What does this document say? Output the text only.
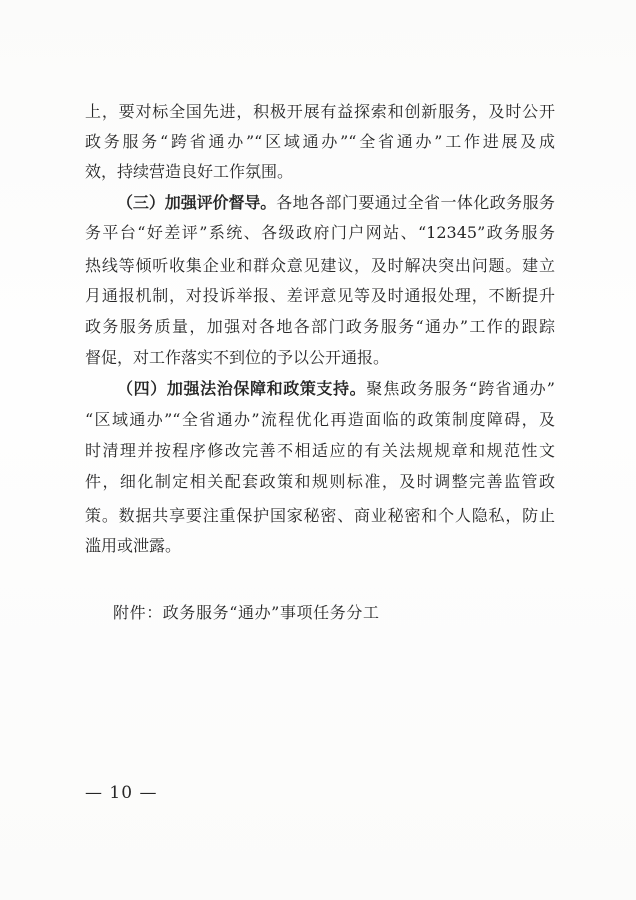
上，要对标全国先进，积极开展有益探索和创新服务，及时公开
政务服务“跨省通办”“区域通办”“全省通办”工作进展及成
效，持续营造良好工作氛围。
（三）加强评价督导。各地各部门要通过全省一体化政务服务
务平台“好差评”系统、各级政府门户网站、“12345”政务服务
热线等倾听收集企业和群众意见建议，及时解决突出问题。建立
月通报机制，对投诉举报、差评意见等及时通报处理，不断提升
政务服务质量，加强对各地各部门政务服务“通办”工作的跟踪
督促，对工作落实不到位的予以公开通报。
（四）加强法治保障和政策支持。聚焦政务服务“跨省通办”
“区域通办”“全省通办”流程优化再造面临的政策制度障碍，及
时清理并按程序修改完善不相适应的有关法规规章和规范性文
件，细化制定相关配套政策和规则标准，及时调整完善监管政
策。数据共享要注重保护国家秘密、商业秘密和个人隐私，防止
滥用或泄露。
附件：政务服务“通办”事项任务分工
— 10 —
